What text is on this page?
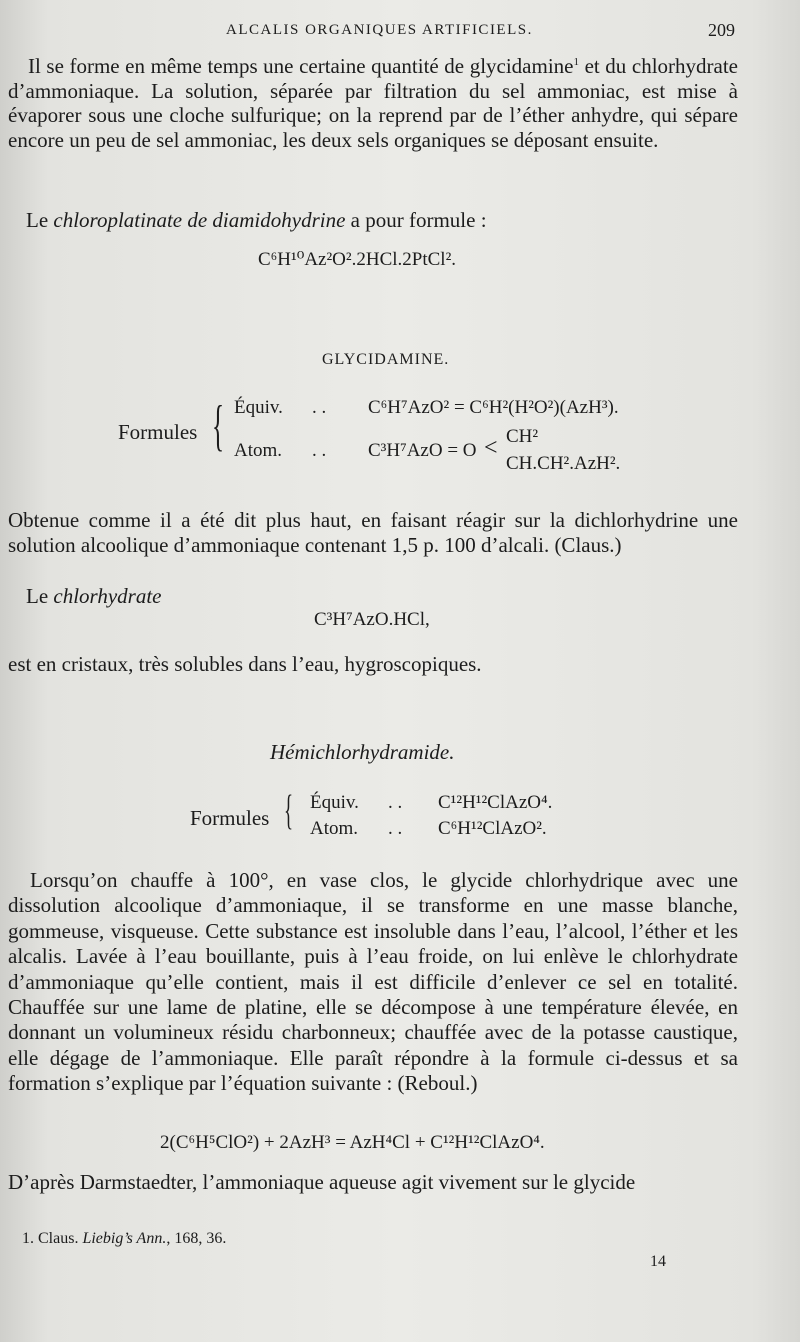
ALCALIS ORGANIQUES ARTIFICIELS.	209
Il se forme en même temps une certaine quantité de glycidamine$^1$ et du chlorhydrate d’ammoniaque. La solution, séparée par filtration du sel ammoniac, est mise à évaporer sous une cloche sulfurique; on la reprend par de l’éther anhydre, qui sépare encore un peu de sel ammoniac, les deux sels organiques se déposant ensuite.
Le chloroplatinate de diamidohydrine a pour formule :
C⁶H¹⁰Az²O².2HCl.2PtCl².
GLYCIDAMINE.
Formules { Équiv. . . C⁶H⁷AzO² = C⁶H²(H²O²)(AzH³).
Atom. . . C³H⁷AzO = O < CH²
CH.CH².AzH².
Obtenue comme il a été dit plus haut, en faisant réagir sur la dichlorhydrine une solution alcoolique d’ammoniaque contenant 1,5 p. 100 d’alcali. (Claus.)
Le chlorhydrate
C³H⁷AzO.HCl,
est en cristaux, très solubles dans l’eau, hygroscopiques.
Hémichlorhydramide.
Formules { Équiv. . . C¹²H¹²ClAzO⁴.
Atom. . . C⁶H¹²ClAzO².
Lorsqu’on chauffe à 100°, en vase clos, le glycide chlorhydrique avec une dissolution alcoolique d’ammoniaque, il se transforme en une masse blanche, gommeuse, visqueuse. Cette substance est insoluble dans l’eau, l’alcool, l’éther et les alcalis. Lavée à l’eau bouillante, puis à l’eau froide, on lui enlève le chlorhydrate d’ammoniaque qu’elle contient, mais il est difficile d’enlever ce sel en totalité. Chauffée sur une lame de platine, elle se décompose à une température élevée, en donnant un volumineux résidu charbonneux; chauffée avec de la potasse caustique, elle dégage de l’ammoniaque. Elle paraît répondre à la formule ci-dessus et sa formation s’explique par l’équation suivante : (Reboul.)
2(C⁶H⁵ClO²) + 2AzH³ = AzH⁴Cl + C¹²H¹²ClAzO⁴.
D’après Darmstaedter, l’ammoniaque aqueuse agit vivement sur le glycide
1. Claus. Liebig’s Ann., 168, 36.
14
